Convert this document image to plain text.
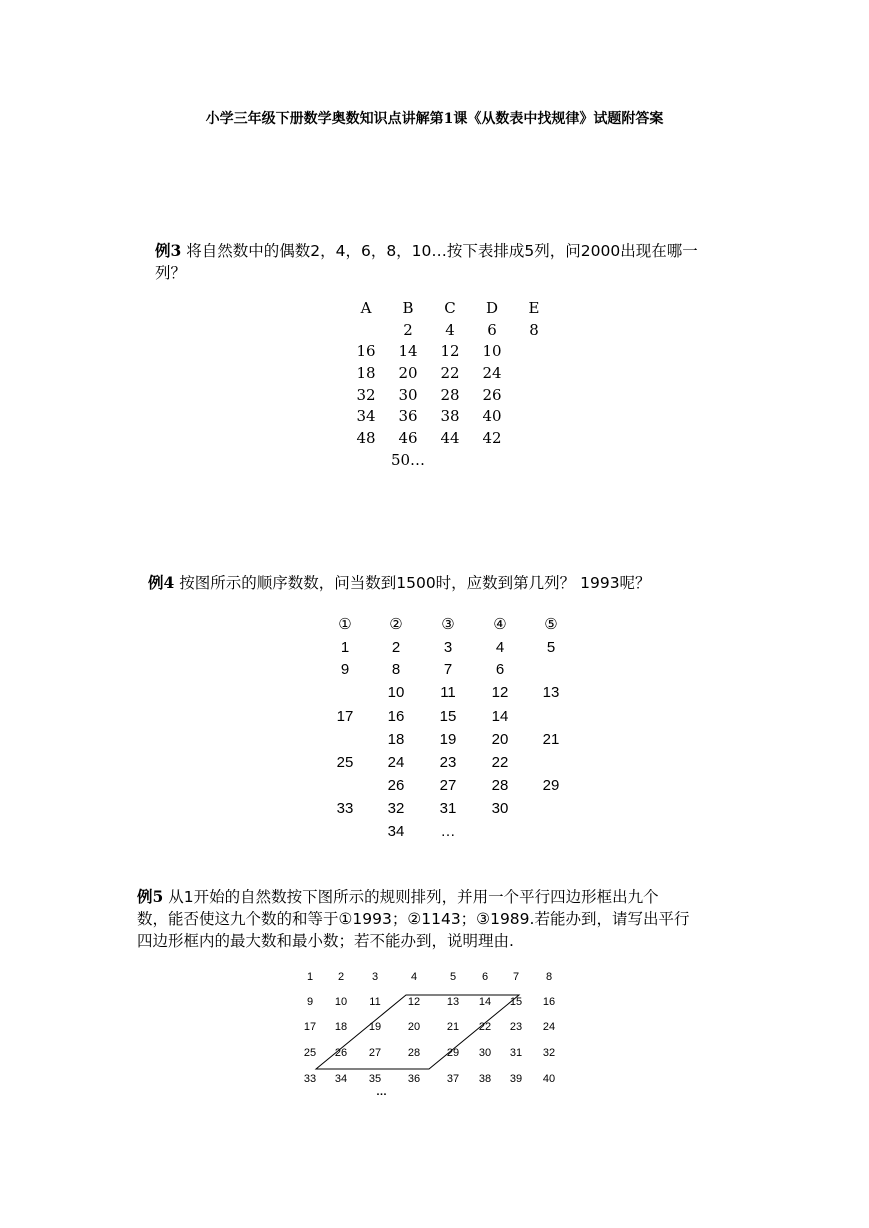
小学三年级下册数学奥数知识点讲解第1课《从数表中找规律》试题附答案
例3 将自然数中的偶数2，4，6，8，10…按下表排成5列，问2000出现在哪一
列？
A	B	C	D	E
	2	4	6	8
16	14	12	10	
18	20	22	24	
32	30	28	26	
34	36	38	40	
48	46	44	42	
	50…			
例4 按图所示的顺序数数，问当数到1500时，应数到第几列？ 1993呢？
①	②	③	④	⑤
1	2	3	4	5
9	8	7	6	
	10	11	12	13
17	16	15	14	
	18	19	20	21
25	24	23	22	
	26	27	28	29
33	32	31	30	
	34	…		
例5 从1开始的自然数按下图所示的规则排列，并用一个平行四边形框出九个
数，能否使这九个数的和等于①1993；②1143；③1989.若能办到，请写出平行
四边形框内的最大数和最小数；若不能办到，说明理由.
1	2	3	4	5	6	7	8
9	10	11	12	13	14	15	16
17	18	19	20	21	22	23	24
25	26	27	28	29	30	31	32
33	34	35	36	37	38	39	40
…
